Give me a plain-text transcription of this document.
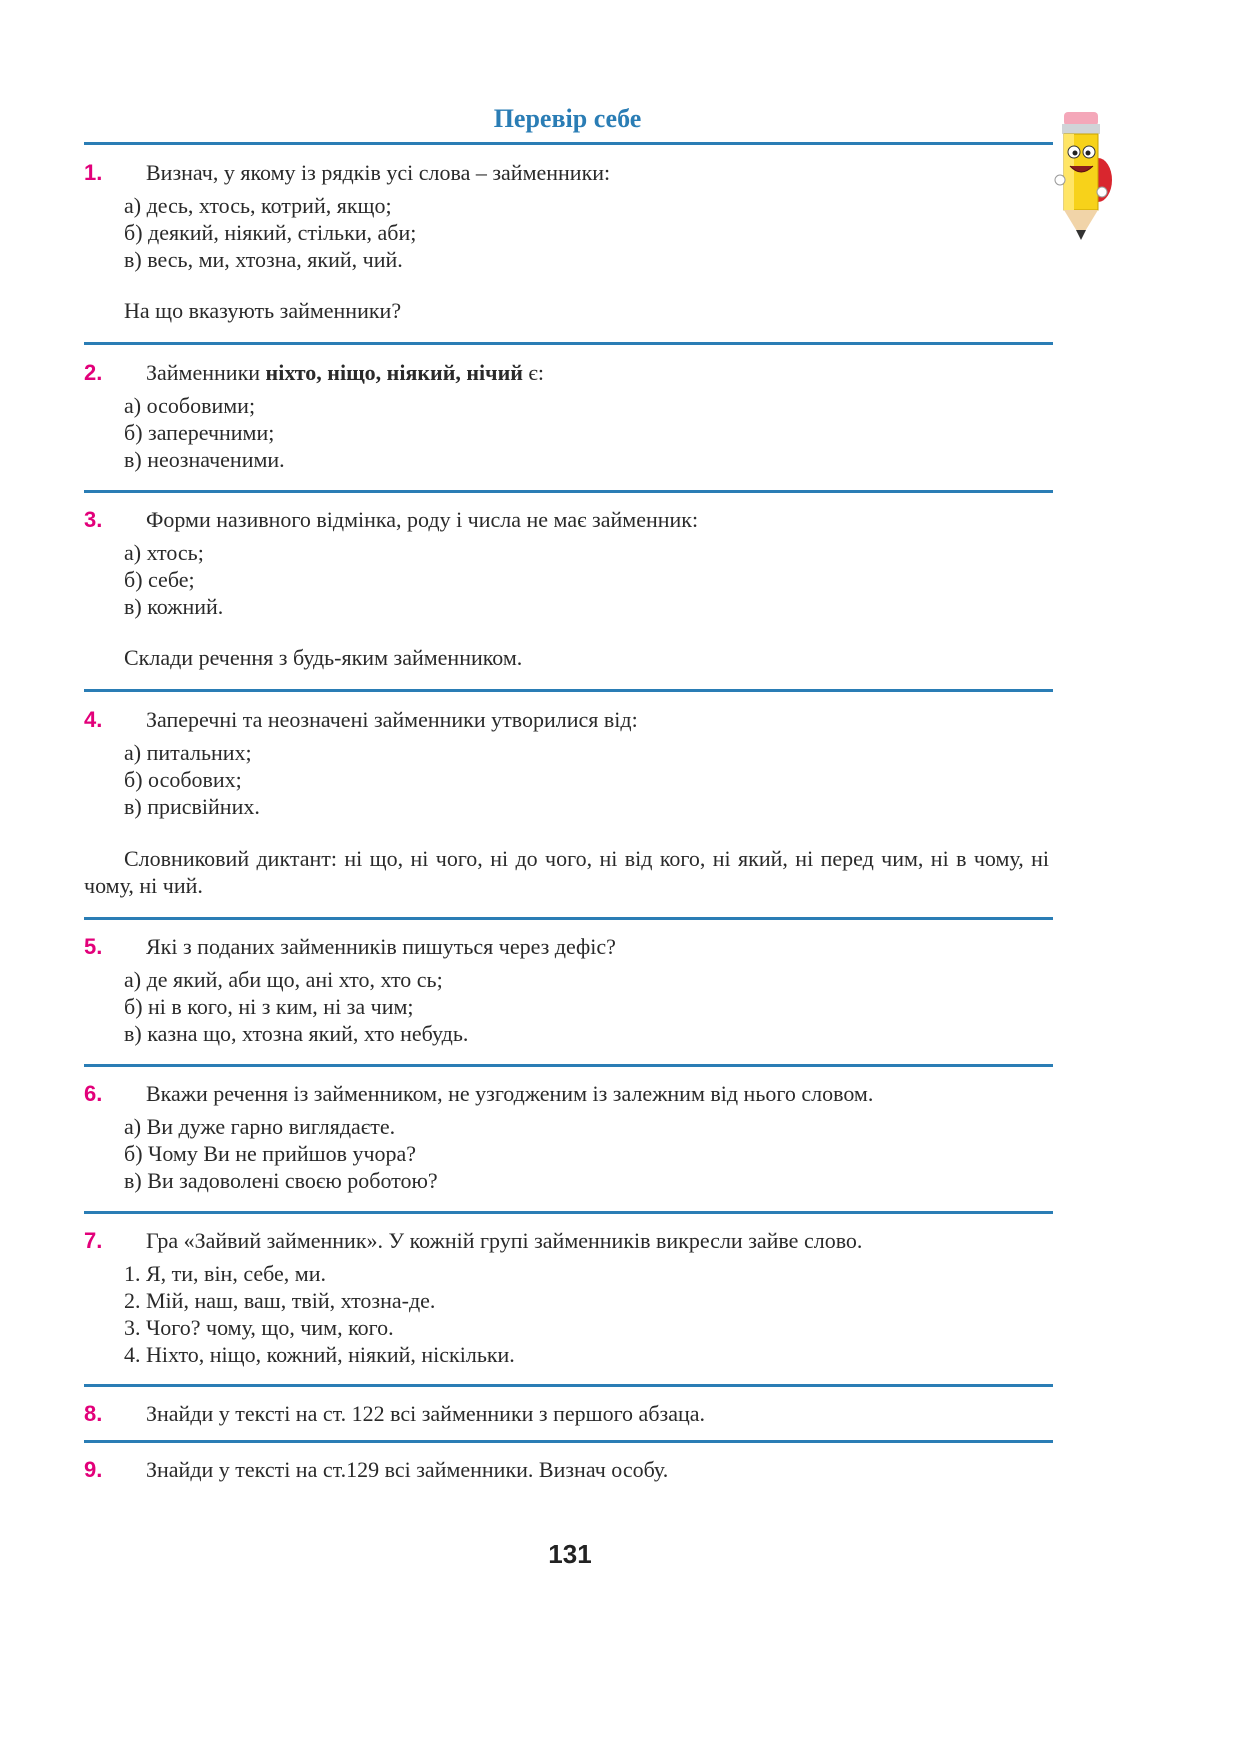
Перевір себе
1. Визнач, у якому із рядків усі слова – займенники:
а) десь, хтось, котрий, якщо;
б) деякий, ніякий, стільки, аби;
в) весь, ми, хтозна, який, чий.
На що вказують займенники?
2. Займенники ніхто, ніщо, ніякий, нічий є:
а) особовими;
б) заперечними;
в) неозначеними.
3. Форми називного відмінка, роду і числа не має займенник:
а) хтось;
б) себе;
в) кожний.
Склади речення з будь-яким займенником.
4. Заперечні та неозначені займенники утворилися від:
а) питальних;
б) особових;
в) присвійних.
Словниковий диктант: ні що, ні чого, ні до чого, ні від кого, ні який, ні перед чим, ні в чому, ні чому, ні чий.
5. Які з поданих займенників пишуться через дефіс?
а) де який, аби що, ані хто, хто сь;
б) ні в кого, ні з ким, ні за чим;
в) казна що, хтозна який, хто небудь.
6. Вкажи речення із займенником, не узгодженим із залежним від нього словом.
а) Ви дуже гарно виглядаєте.
б) Чому Ви не прийшов учора?
в) Ви задоволені своєю роботою?
7. Гра «Зайвий займенник». У кожній групі займенників викресли зайве слово.
1. Я, ти, він, себе, ми.
2. Мій, наш, ваш, твій, хтозна-де.
3. Чого? чому, що, чим, кого.
4. Ніхто, ніщо, кожний, ніякий, ніскільки.
8. Знайди у тексті на ст. 122 всі займенники з першого абзаца.
9. Знайди у тексті на ст.129 всі займенники. Визнач особу.
131
